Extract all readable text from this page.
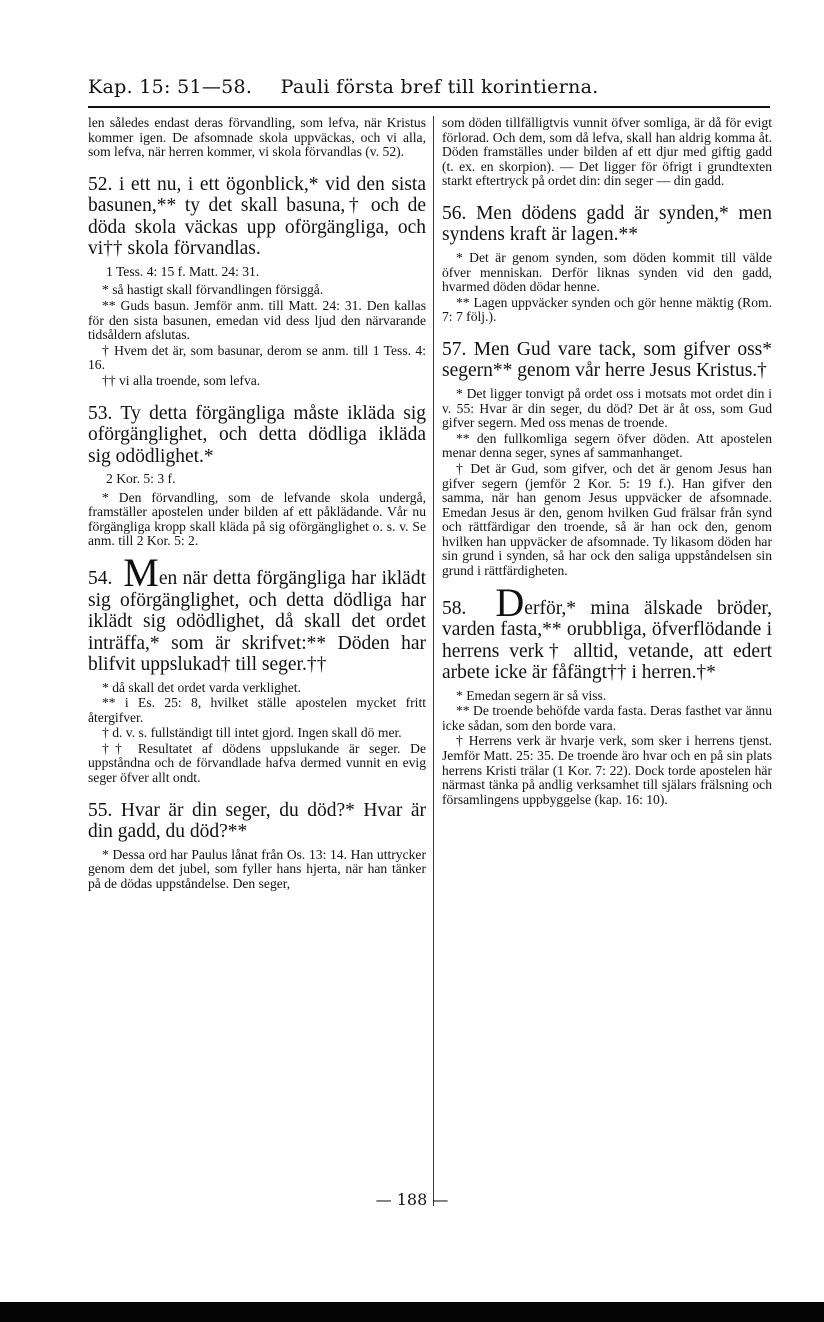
Kap. 15: 51—58. Pauli första bref till korintierna.

len således endast deras förvandling, som lefva, när Kristus kommer igen. De afsomnade skola uppväckas, och vi alla, som lefva, när herren kommer, vi skola förvandlas (v. 52).

52. i ett nu, i ett ögonblick,* vid den sista basunen,** ty det skall basuna,† och de döda skola väckas upp oförgängliga, och vi†† skola förvandlas.

1 Tess. 4: 15 f. Matt. 24: 31.

* så hastigt skall förvandlingen försiggå.

** Guds basun. Jemför anm. till Matt. 24: 31. Den kallas för den sista basunen, emedan vid dess ljud den närvarande tidsåldern afslutas.

† Hvem det är, som basunar, derom se anm. till 1 Tess. 4: 16.

†† vi alla troende, som lefva.

53. Ty detta förgängliga måste ikläda sig oförgänglighet, och detta dödliga ikläda sig odödlighet.*

2 Kor. 5: 3 f.

* Den förvandling, som de lefvande skola undergå, framställer apostelen under bilden af ett påklädande. Vår nu förgängliga kropp skall kläda på sig oförgänglighet o. s. v. Se anm. till 2 Kor. 5: 2.

54. Men när detta förgängliga har iklädt sig oförgänglighet, och detta dödliga har iklädt sig odödlighet, då skall det ordet inträffa,* som är skrifvet:** Döden har blifvit uppslukad† till seger.††

* då skall det ordet varda verklighet.

** i Es. 25: 8, hvilket ställe apostelen mycket fritt återgifver.

† d. v. s. fullständigt till intet gjord. Ingen skall dö mer.

†† Resultatet af dödens uppslukande är seger. De uppståndna och de förvandlade hafva dermed vunnit en evig seger öfver allt ondt.

55. Hvar är din seger, du död?* Hvar är din gadd, du död?**

* Dessa ord har Paulus lånat från Os. 13: 14. Han uttrycker genom dem det jubel, som fyller hans hjerta, när han tänker på de dödas uppståndelse. Den seger,

som döden tillfälligtvis vunnit öfver somliga, är då för evigt förlorad. Och dem, som då lefva, skall han aldrig komma åt. Döden framställes under bilden af ett djur med giftig gadd (t. ex. en skorpion). — Det ligger för öfrigt i grundtexten starkt eftertryck på ordet din: din seger — din gadd.

56. Men dödens gadd är synden,* men syndens kraft är lagen.**

* Det är genom synden, som döden kommit till välde öfver menniskan. Derför liknas synden vid den gadd, hvarmed döden dödar henne.

** Lagen uppväcker synden och gör henne mäktig (Rom. 7: 7 följ.).

57. Men Gud vare tack, som gifver oss* segern** genom vår herre Jesus Kristus.†

* Det ligger tonvigt på ordet oss i motsats mot ordet din i v. 55: Hvar är din seger, du död? Det är åt oss, som Gud gifver segern. Med oss menas de troende.

** den fullkomliga segern öfver döden. Att apostelen menar denna seger, synes af sammanhanget.

† Det är Gud, som gifver, och det är genom Jesus han gifver segern (jemför 2 Kor. 5: 19 f.). Han gifver den samma, när han genom Jesus uppväcker de afsomnade. Emedan Jesus är den, genom hvilken Gud frälsar från synd och rättfärdigar den troende, så är han ock den, genom hvilken han uppväcker de afsomnade. Ty likasom döden har sin grund i synden, så har ock den saliga uppståndelsen sin grund i rättfärdigheten.

58. Derför,* mina älskade bröder, varden fasta,** orubbliga, öfverflödande i herrens verk† alltid, vetande, att edert arbete icke är fåfängt†† i herren.†*

* Emedan segern är så viss.

** De troende behöfde varda fasta. Deras fasthet var ännu icke sådan, som den borde vara.

† Herrens verk är hvarje verk, som sker i herrens tjenst. Jemför Matt. 25: 35. De troende äro hvar och en på sin plats herrens Kristi trälar (1 Kor. 7: 22). Dock torde apostelen här närmast tänka på andlig verksamhet till själars frälsning och församlingens uppbyggelse (kap. 16: 10).

— 188 —
